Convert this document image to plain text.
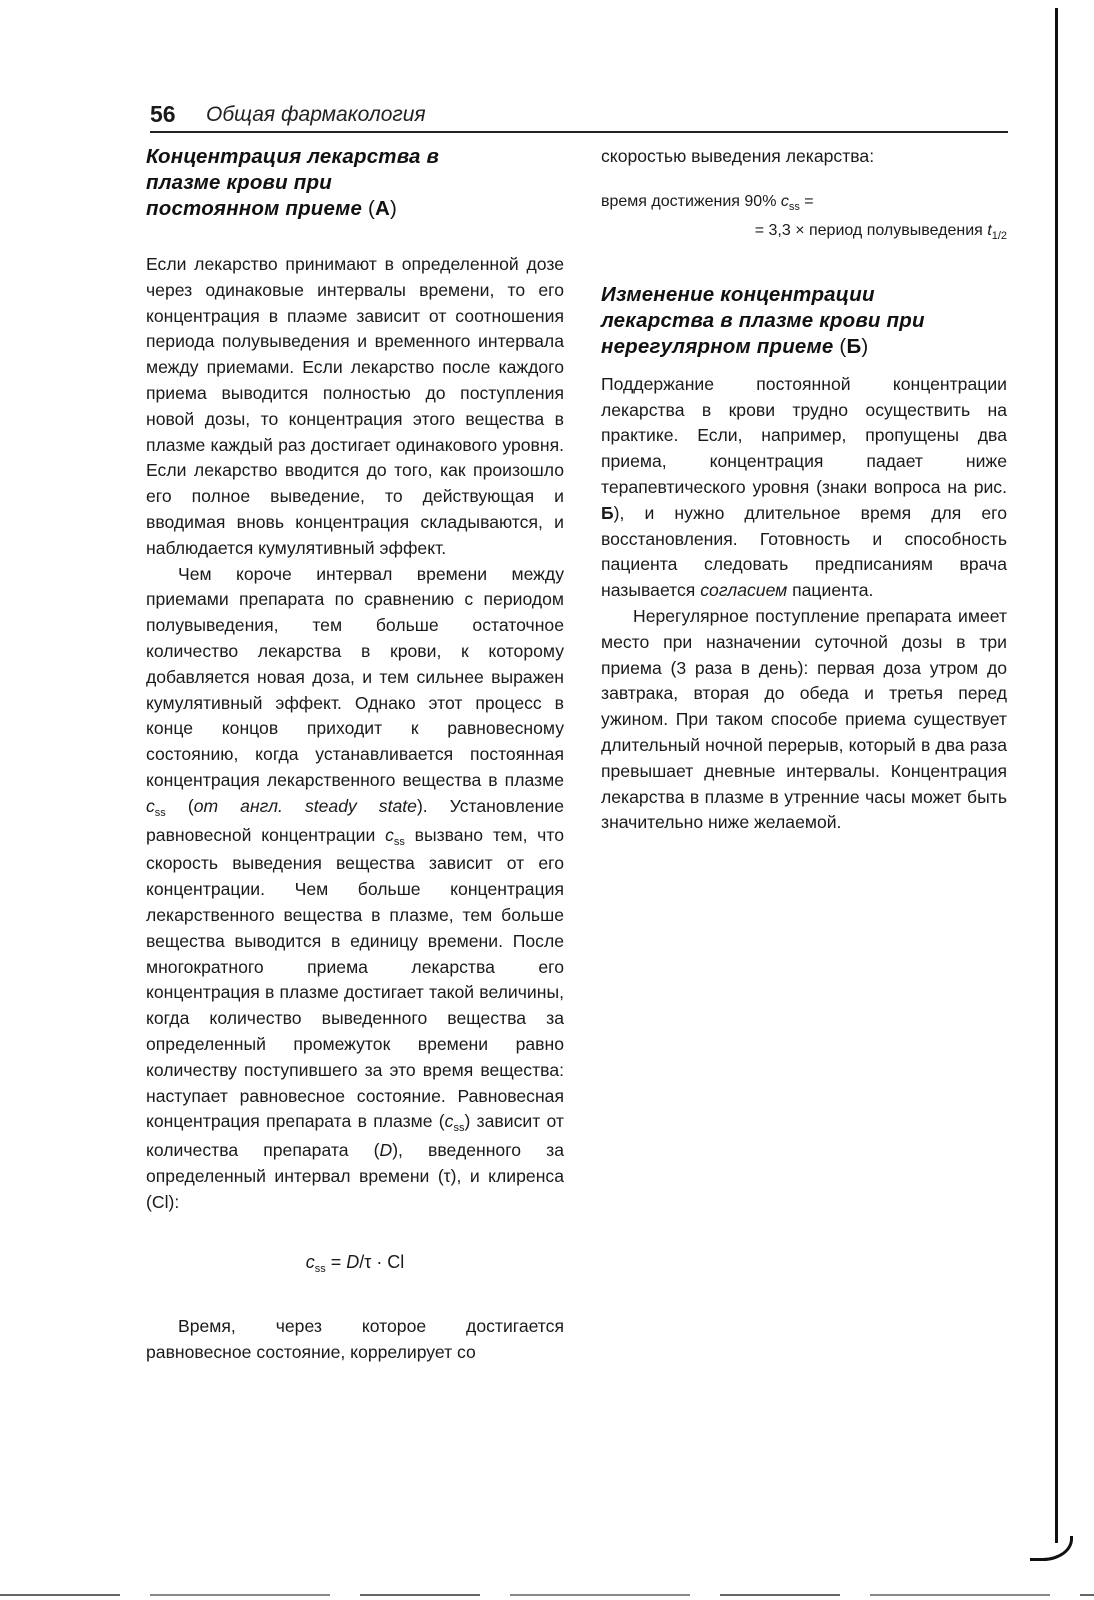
56 Общая фармакология
Концентрация лекарства в плазме крови при постоянном приеме (А)

Если лекарство принимают в определенной дозе через одинаковые интервалы времени, то его концентрация в плаэме зависит от соотношения периода полувыведения и временного интервала между приемами. Если лекарство после каждого приема выводится полностью до поступления новой дозы, то концентрация этого вещества в плазме каждый раз достигает одинакового уровня. Если лекарство вводится до того, как произошло его полное выведение, то действующая и вводимая вновь концентрация складываются, и наблюдается кумулятивный эффект.

Чем короче интервал времени между приемами препарата по сравнению с периодом полувыведения, тем больше остаточное количество лекарства в крови, к которому добавляется новая доза, и тем сильнее выражен кумулятивный эффект. Однако этот процесс в конце концов приходит к равновесному состоянию, когда устанавливается постоянная концентрация лекарственного вещества в плазме $c_{ss}$ (от англ. steady state). Установление равновесной концентрации $c_{ss}$ вызвано тем, что скорость выведения вещества зависит от его концентрации. Чем больше концентрация лекарственного вещества в плазме, тем больше вещества выводится в единицу времени. После многократного приема лекарства его концентрация в плазме достигает такой величины, когда количество выведенного вещества за определенный промежуток времени равно количеству поступившего за это время вещества: наступает равновесное состояние. Равновесная концентрация препарата в плазме $(c_{ss})$ зависит от количества препарата (D), введенного за определенный интервал времени (τ), и клиренса (Cl):

$c_{ss} = D/\tau \cdot Cl$

Время, через которое достигается равновесное состояние, коррелирует со

скоростью выведения лекарства:

время достижения 90% $c_{ss}$ =
= 3,3 × период полувыведения $t_{1/2}$
Изменение концентрации лекарства в плазме крови при нерегулярном приеме (Б)

Поддержание постоянной концентрации лекарства в крови трудно осуществить на практике. Если, например, пропущены два приема, концентрация падает ниже терапевтического уровня (знаки вопроса на рис. Б), и нужно длительное время для его восстановления. Готовность и способность пациента следовать предписаниям врача называется согласием пациента.

Нерегулярное поступление препарата имеет место при назначении суточной дозы в три приема (3 раза в день): первая доза утром до завтрака, вторая до обеда и третья перед ужином. При таком способе приема существует длительный ночной перерыв, который в два раза превышает дневные интервалы. Концентрация лекарства в плазме в утренние часы может быть значительно ниже желаемой.
